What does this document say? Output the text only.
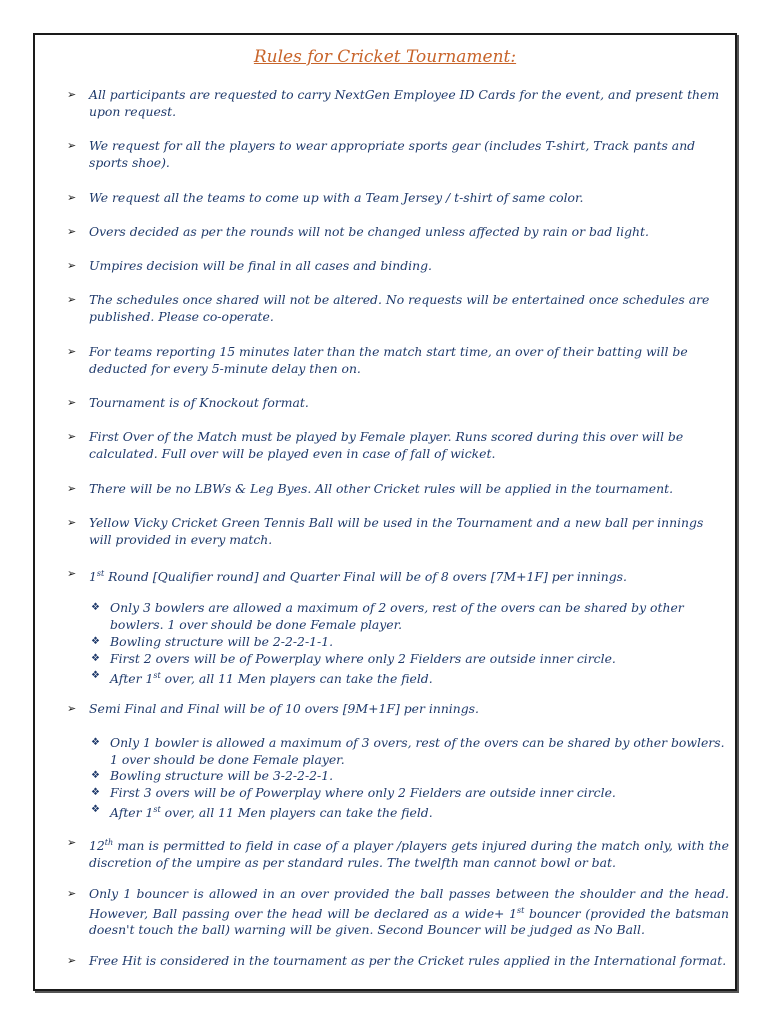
Rules for Cricket Tournament:
➢	All participants are requested to carry NextGen Employee ID Cards for the event, and present them upon request.
➢	We request for all the players to wear appropriate sports gear (includes T-shirt, Track pants and sports shoe).
➢	We request all the teams to come up with a Team Jersey / t-shirt of same color.
➢	Overs decided as per the rounds will not be changed unless affected by rain or bad light.
➢	Umpires decision will be final in all cases and binding.
➢	The schedules once shared will not be altered. No requests will be entertained once schedules are published. Please co-operate.
➢	For teams reporting 15 minutes later than the match start time, an over of their batting will be deducted for every 5-minute delay then on.
➢	Tournament is of Knockout format.
➢	First Over of the Match must be played by Female player. Runs scored during this over will be calculated. Full over will be played even in case of fall of wicket.
➢	There will be no LBWs & Leg Byes. All other Cricket rules will be applied in the tournament.
➢	Yellow Vicky Cricket Green Tennis Ball will be used in the Tournament and a new ball per innings will provided in every match.
➢	1st Round [Qualifier round] and Quarter Final will be of 8 overs [7M+1F] per innings.
❖ Only 3 bowlers are allowed a maximum of 2 overs, rest of the overs can be shared by other bowlers. 1 over should be done Female player.
❖ Bowling structure will be 2-2-2-1-1.
❖ First 2 overs will be of Powerplay where only 2 Fielders are outside inner circle.
❖ After 1st over, all 11 Men players can take the field.
➢	Semi Final and Final will be of 10 overs [9M+1F] per innings.
❖ Only 1 bowler is allowed a maximum of 3 overs, rest of the overs can be shared by other bowlers. 1 over should be done Female player.
❖ Bowling structure will be 3-2-2-2-1.
❖ First 3 overs will be of Powerplay where only 2 Fielders are outside inner circle.
❖ After 1st over, all 11 Men players can take the field.
➢	12th man is permitted to field in case of a player /players gets injured during the match only, with the discretion of the umpire as per standard rules. The twelfth man cannot bowl or bat.
➢	Only 1 bouncer is allowed in an over provided the ball passes between the shoulder and the head. However, Ball passing over the head will be declared as a wide+ 1st bouncer (provided the batsman doesn't touch the ball) warning will be given. Second Bouncer will be judged as No Ball.
➢	Free Hit is considered in the tournament as per the Cricket rules applied in the International format.
